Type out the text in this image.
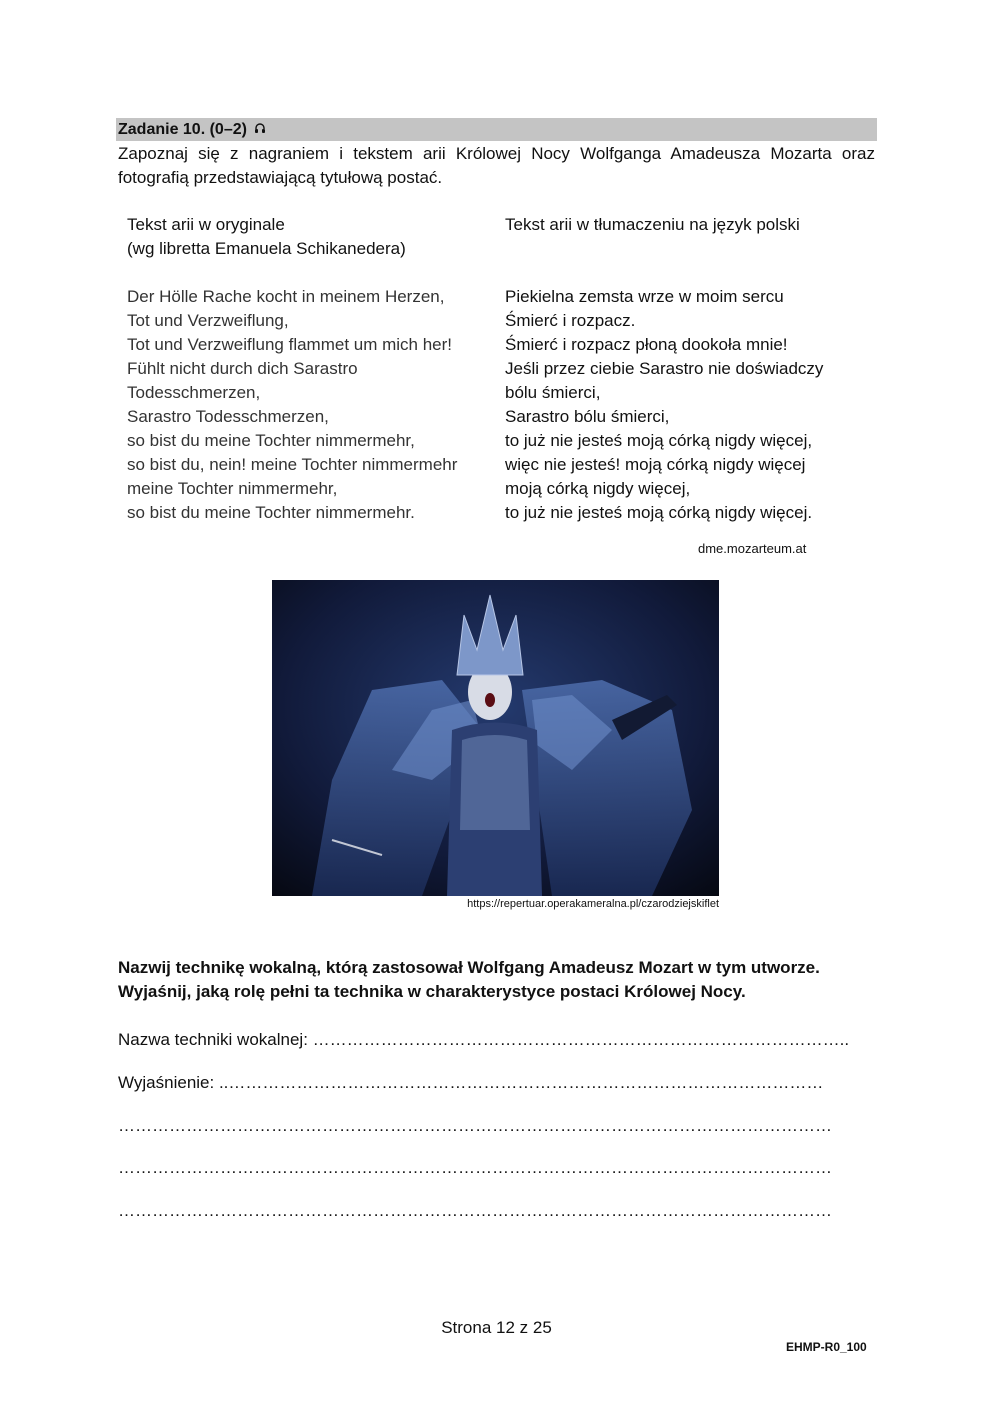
Zadanie 10. (0–2)
Zapoznaj się z nagraniem i tekstem arii Królowej Nocy Wolfganga Amadeusza Mozarta oraz fotografią przedstawiającą tytułową postać.
Tekst arii w oryginale
(wg libretta Emanuela Schikanedera)
Der Hölle Rache kocht in meinem Herzen,
Tot und Verzweiflung,
Tot und Verzweiflung flammet um mich her!
Fühlt nicht durch dich Sarastro
Todesschmerzen,
Sarastro Todesschmerzen,
so bist du meine Tochter nimmermehr,
so bist du, nein! meine Tochter nimmermehr
meine Tochter nimmermehr,
so bist du meine Tochter nimmermehr.
Tekst arii w tłumaczeniu na język polski
Piekielna zemsta wrze w moim sercu
Śmierć i rozpacz.
Śmierć i rozpacz płoną dookoła mnie!
Jeśli przez ciebie Sarastro nie doświadczy
bólu śmierci,
Sarastro bólu śmierci,
to już nie jesteś moją córką nigdy więcej,
więc nie jesteś! moją córką nigdy więcej
moją córką nigdy więcej,
to już nie jesteś moją córką nigdy więcej.
dme.mozarteum.at
https://repertuar.operakameralna.pl/czarodziejskiflet
Nazwij technikę wokalną, którą zastosował Wolfgang Amadeusz Mozart w tym utworze.
Wyjaśnij, jaką rolę pełni ta technika w charakterystyce postaci Królowej Nocy.
Nazwa techniki wokalnej: …………………………………………………………………………………..
Wyjaśnienie: ..……………………………………………………………………………………………
………………………………………………………………………………………………………………
………………………………………………………………………………………………………………
………………………………………………………………………………………………………………
Strona 12 z 25
EHMP-R0_100
